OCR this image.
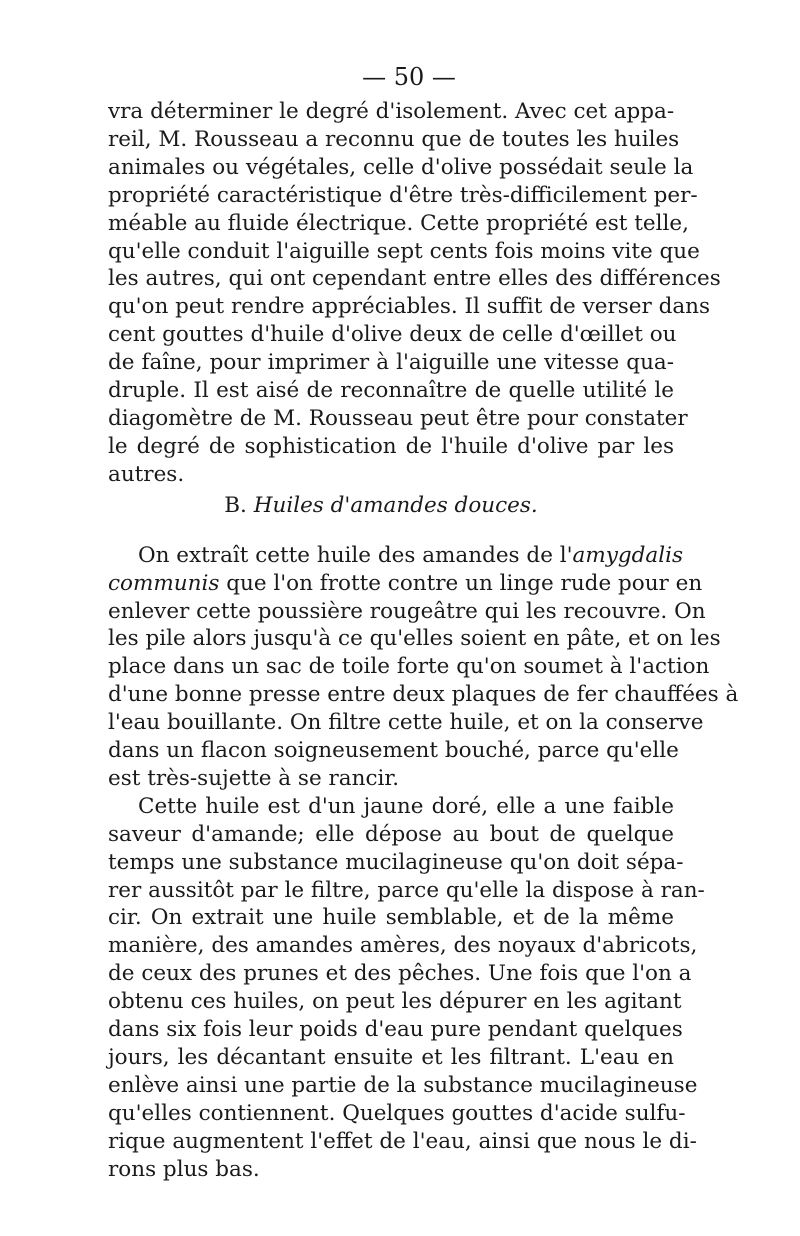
— 50 —
vra déterminer le degré d'isolement. Avec cet appa-
reil, M. Rousseau a reconnu que de toutes les huiles
animales ou végétales, celle d'olive possédait seule la
propriété caractéristique d'être très-difficilement per-
méable au fluide électrique. Cette propriété est telle,
qu'elle conduit l'aiguille sept cents fois moins vite que
les autres, qui ont cependant entre elles des différences
qu'on peut rendre appréciables. Il suffit de verser dans
cent gouttes d'huile d'olive deux de celle d'œillet ou
de faîne, pour imprimer à l'aiguille une vitesse qua-
druple. Il est aisé de reconnaître de quelle utilité le
diagomètre de M. Rousseau peut être pour constater
le degré de sophistication de l'huile d'olive par les
autres.
B. Huiles d'amandes douces.
On extraît cette huile des amandes de l'amygdalis
communis que l'on frotte contre un linge rude pour en
enlever cette poussière rougeâtre qui les recouvre. On
les pile alors jusqu'à ce qu'elles soient en pâte, et on les
place dans un sac de toile forte qu'on soumet à l'action
d'une bonne presse entre deux plaques de fer chauffées à
l'eau bouillante. On filtre cette huile, et on la conserve
dans un flacon soigneusement bouché, parce qu'elle
est très-sujette à se rancir.
Cette huile est d'un jaune doré, elle a une faible
saveur d'amande; elle dépose au bout de quelque
temps une substance mucilagineuse qu'on doit sépa-
rer aussitôt par le filtre, parce qu'elle la dispose à ran-
cir. On extrait une huile semblable, et de la même
manière, des amandes amères, des noyaux d'abricots,
de ceux des prunes et des pêches. Une fois que l'on a
obtenu ces huiles, on peut les dépurer en les agitant
dans six fois leur poids d'eau pure pendant quelques
jours, les décantant ensuite et les filtrant. L'eau en
enlève ainsi une partie de la substance mucilagineuse
qu'elles contiennent. Quelques gouttes d'acide sulfu-
rique augmentent l'effet de l'eau, ainsi que nous le di-
rons plus bas.
